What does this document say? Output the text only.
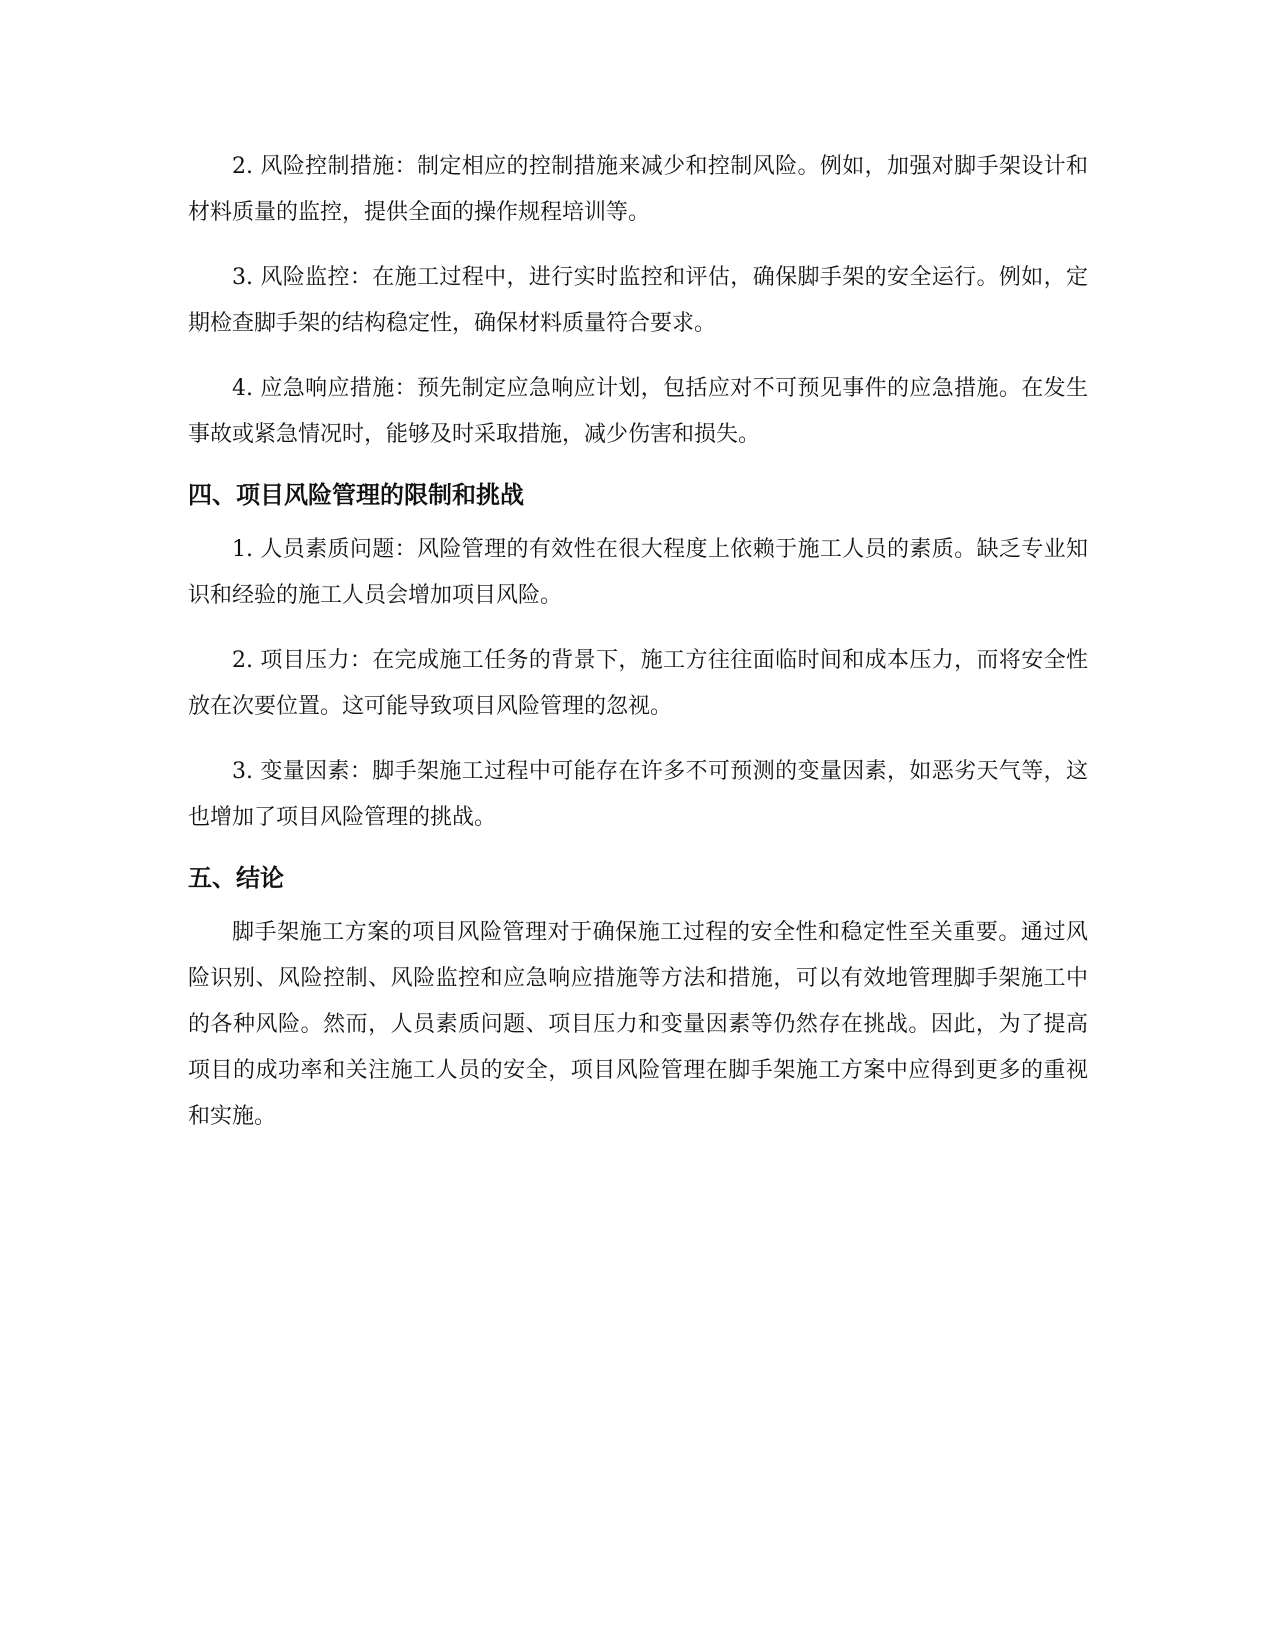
2. 风险控制措施：制定相应的控制措施来减少和控制风险。例如，加强对脚手架设计和材料质量的监控，提供全面的操作规程培训等。

3. 风险监控：在施工过程中，进行实时监控和评估，确保脚手架的安全运行。例如，定期检查脚手架的结构稳定性，确保材料质量符合要求。

4. 应急响应措施：预先制定应急响应计划，包括应对不可预见事件的应急措施。在发生事故或紧急情况时，能够及时采取措施，减少伤害和损失。

四、项目风险管理的限制和挑战

1. 人员素质问题：风险管理的有效性在很大程度上依赖于施工人员的素质。缺乏专业知识和经验的施工人员会增加项目风险。

2. 项目压力：在完成施工任务的背景下，施工方往往面临时间和成本压力，而将安全性放在次要位置。这可能导致项目风险管理的忽视。

3. 变量因素：脚手架施工过程中可能存在许多不可预测的变量因素，如恶劣天气等，这也增加了项目风险管理的挑战。

五、结论

脚手架施工方案的项目风险管理对于确保施工过程的安全性和稳定性至关重要。通过风险识别、风险控制、风险监控和应急响应措施等方法和措施，可以有效地管理脚手架施工中的各种风险。然而，人员素质问题、项目压力和变量因素等仍然存在挑战。因此，为了提高项目的成功率和关注施工人员的安全，项目风险管理在脚手架施工方案中应得到更多的重视和实施。
